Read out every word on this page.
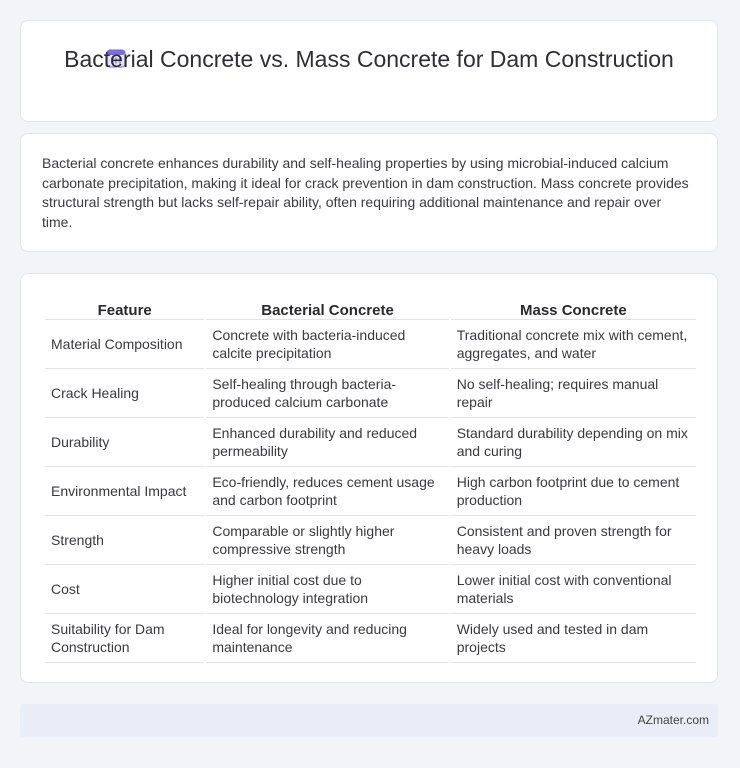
Bacterial Concrete vs. Mass Concrete for Dam Construction
Bacterial concrete enhances durability and self-healing properties by using microbial-induced calcium carbonate precipitation, making it ideal for crack prevention in dam construction. Mass concrete provides structural strength but lacks self-repair ability, often requiring additional maintenance and repair over time.
Feature	Bacterial Concrete	Mass Concrete
Material Composition	Concrete with bacteria-induced calcite precipitation	Traditional concrete mix with cement, aggregates, and water
Crack Healing	Self-healing through bacteria-produced calcium carbonate	No self-healing; requires manual repair
Durability	Enhanced durability and reduced permeability	Standard durability depending on mix and curing
Environmental Impact	Eco-friendly, reduces cement usage and carbon footprint	High carbon footprint due to cement production
Strength	Comparable or slightly higher compressive strength	Consistent and proven strength for heavy loads
Cost	Higher initial cost due to biotechnology integration	Lower initial cost with conventional materials
Suitability for Dam Construction	Ideal for longevity and reducing maintenance	Widely used and tested in dam projects
AZmater.com
